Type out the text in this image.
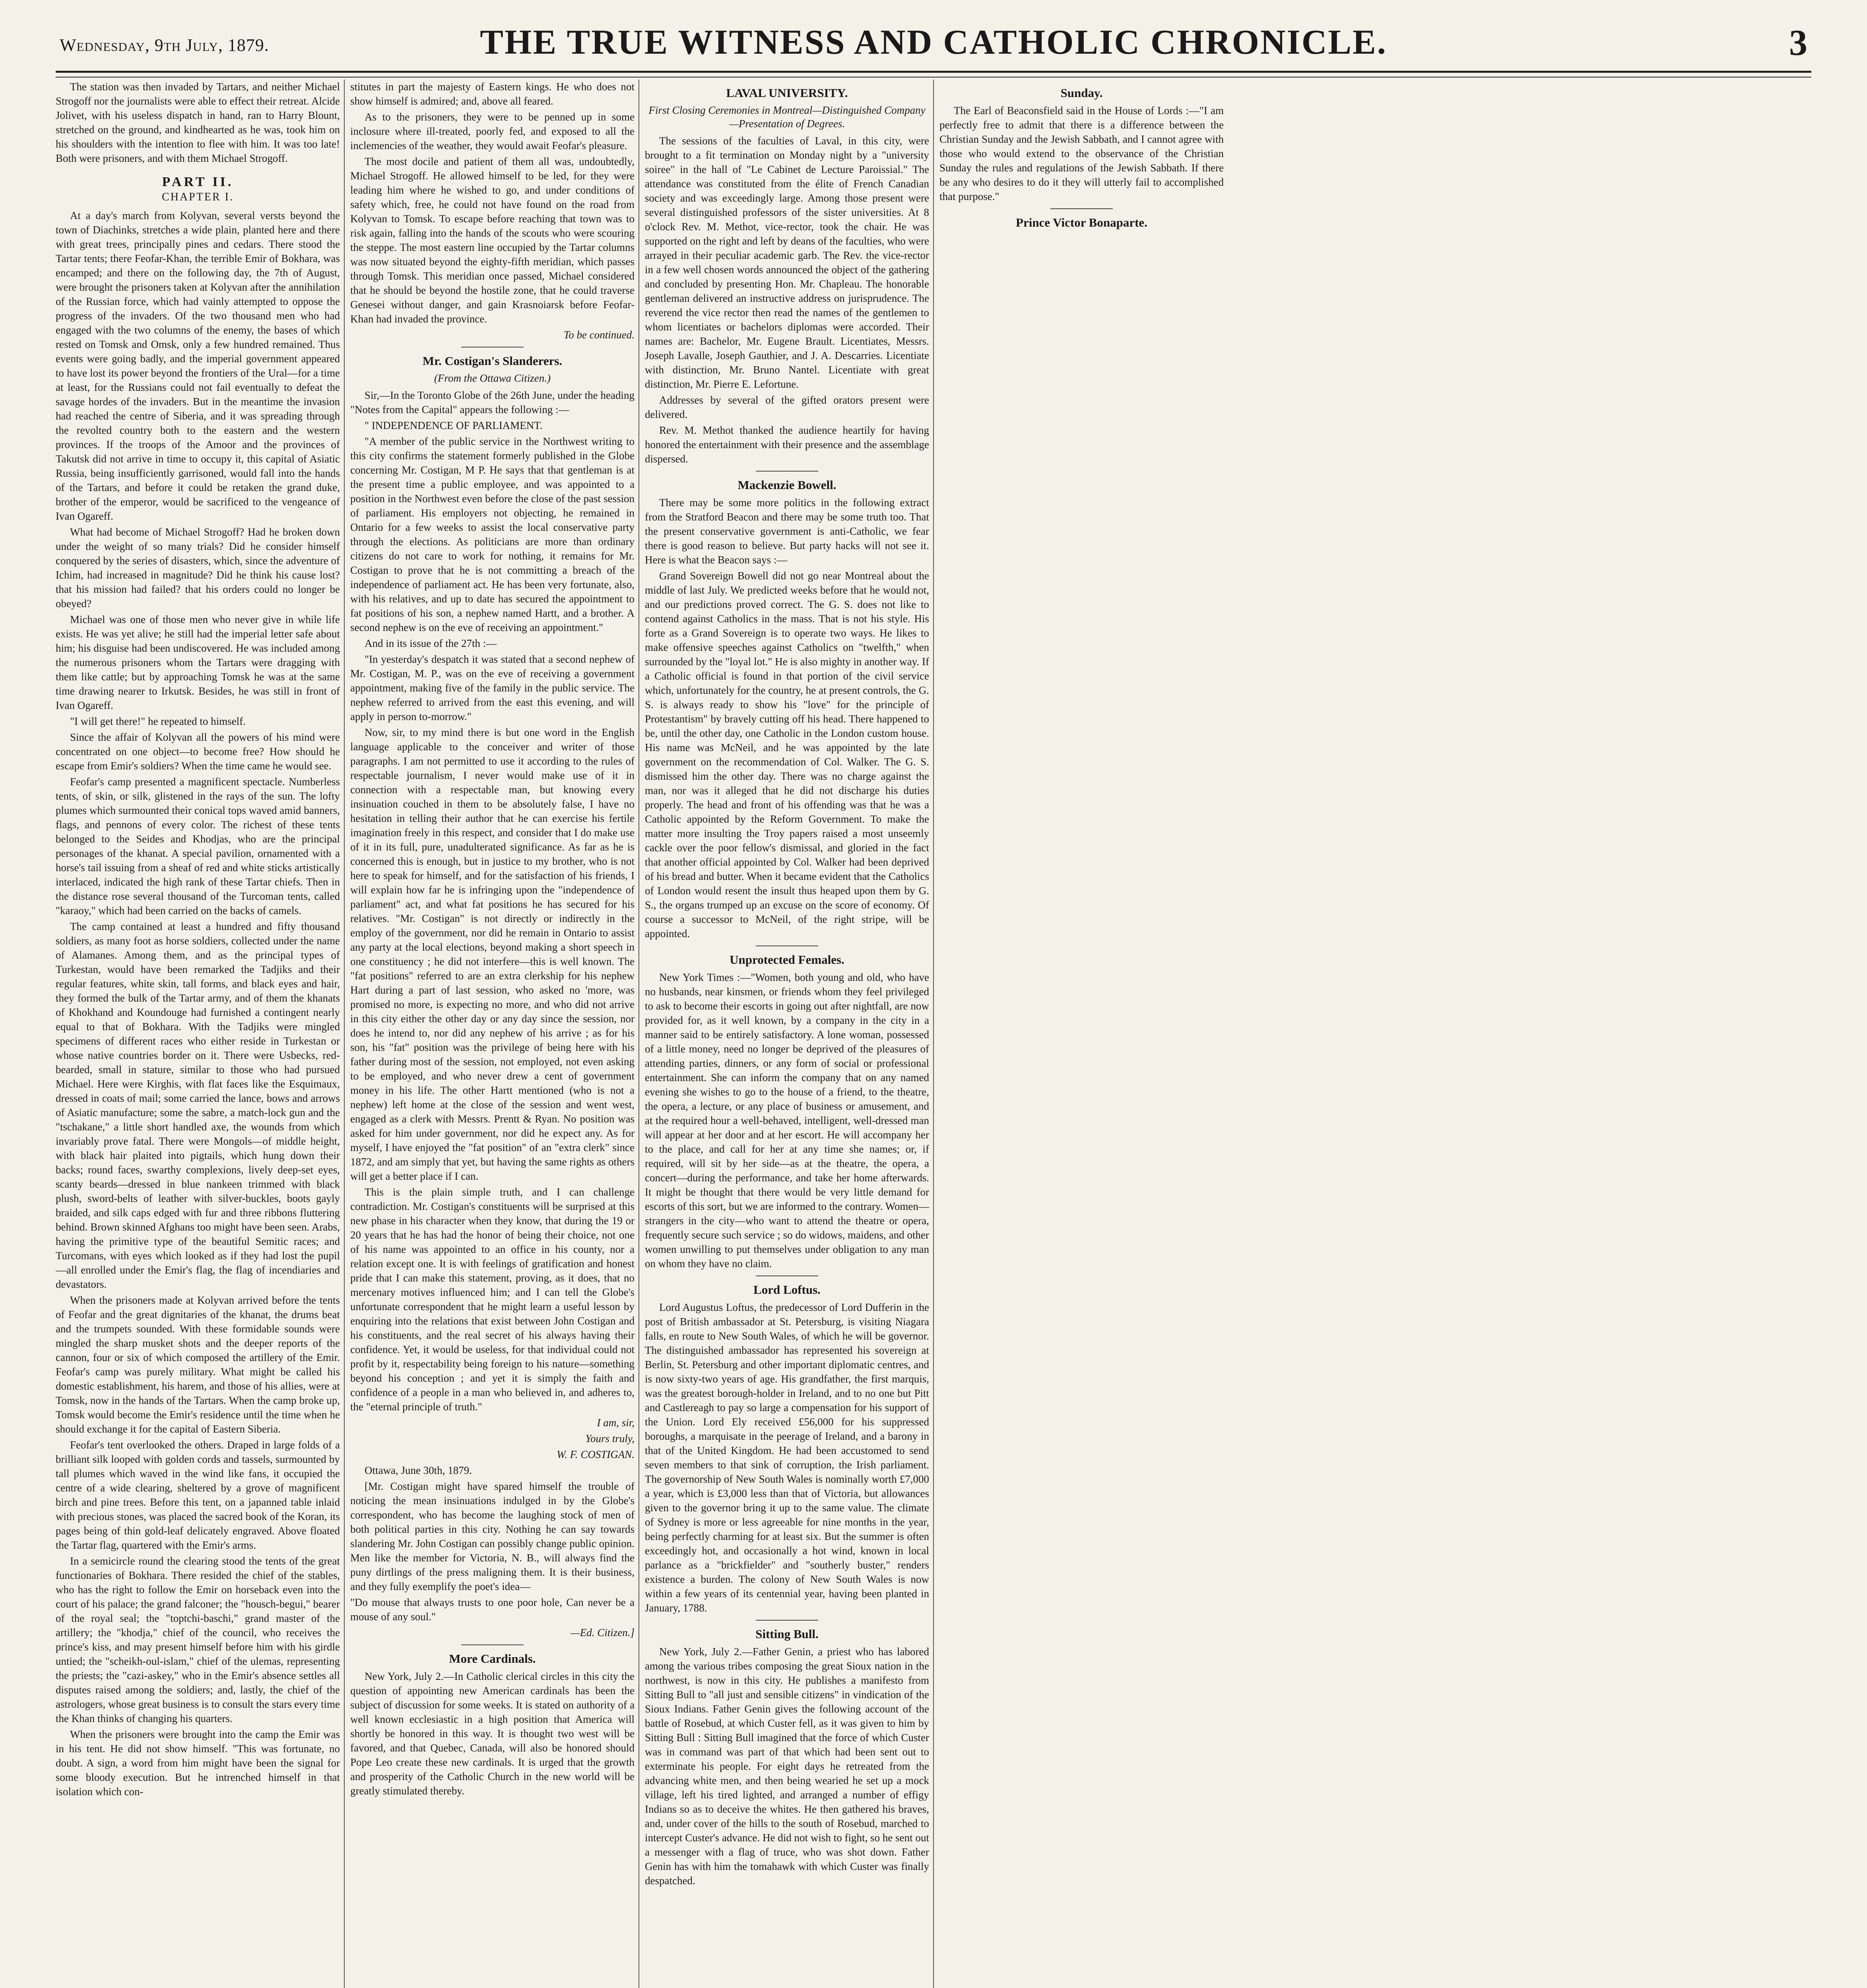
Wednesday, 9th July, 1879.	THE TRUE WITNESS AND CATHOLIC CHRONICLE.	3

The station was then invaded by Tartars, and neither Michael Strogoff nor the journalists were able to effect their retreat. Alcide Jolivet, with his useless dispatch in hand, ran to Harry Blount, stretched on the ground, and kindhearted as he was, took him on his shoulders with the intention to flee with him. It was too late! Both were prisoners, and with them Michael Strogoff.

PART II.
CHAPTER I.

At a day's march from Kolyvan, several versts beyond the town of Diachinks, stretches a wide plain, planted here and there with great trees, principally pines and cedars. There stood the Tartar tents; there Feofar-Khan, the terrible Emir of Bokhara, was encamped; and there on the following day, the 7th of August, were brought the prisoners taken at Kolyvan after the annihilation of the Russian force, which had vainly attempted to oppose the progress of the invaders. Of the two thousand men who had engaged with the two columns of the enemy, the bases of which rested on Tomsk and Omsk, only a few hundred remained. Thus events were going badly, and the imperial government appeared to have lost its power beyond the frontiers of the Ural—for a time at least, for the Russians could not fail eventually to defeat the savage hordes of the invaders. But in the meantime the invasion had reached the centre of Siberia, and it was spreading through the revolted country both to the eastern and the western provinces. If the troops of the Amoor and the provinces of Takutsk did not arrive in time to occupy it, this capital of Asiatic Russia, being insufficiently garrisoned, would fall into the hands of the Tartars, and before it could be retaken the grand duke, brother of the emperor, would be sacrificed to the vengeance of Ivan Ogareff.

What had become of Michael Strogoff? Had he broken down under the weight of so many trials? Did he consider himself conquered by the series of disasters, which, since the adventure of Ichim, had increased in magnitude? Did he think his cause lost? that his mission had failed? that his orders could no longer be obeyed?

Michael was one of those men who never give in while life exists. He was yet alive; he still had the imperial letter safe about him; his disguise had been undiscovered. He was included among the numerous prisoners whom the Tartars were dragging with them like cattle; but by approaching Tomsk he was at the same time drawing nearer to Irkutsk. Besides, he was still in front of Ivan Ogareff.

"I will get there!" he repeated to himself.

Since the affair of Kolyvan all the powers of his mind were concentrated on one object—to become free? How should he escape from Emir's soldiers? When the time came he would see.

Feofar's camp presented a magnificent spectacle. Numberless tents, of skin, or silk, glistened in the rays of the sun. The lofty plumes which surmounted their conical tops waved amid banners, flags, and pennons of every color. The richest of these tents belonged to the Seides and Khodjas, who are the principal personages of the khanat. A special pavilion, ornamented with a horse's tail issuing from a sheaf of red and white sticks artistically interlaced, indicated the high rank of these Tartar chiefs. Then in the distance rose several thousand of the Turcoman tents, called "karaoy," which had been carried on the backs of camels.

The camp contained at least a hundred and fifty thousand soldiers, as many foot as horse soldiers, collected under the name of Alamanes. Among them, and as the principal types of Turkestan, would have been remarked the Tadjiks and their regular features, white skin, tall forms, and black eyes and hair, they formed the bulk of the Tartar army, and of them the khanats of Khokhand and Koundouge had furnished a contingent nearly equal to that of Bokhara. With the Tadjiks were mingled specimens of different races who either reside in Turkestan or whose native countries border on it. There were Usbecks, red-bearded, small in stature, similar to those who had pursued Michael. Here were Kirghis, with flat faces like the Esquimaux, dressed in coats of mail; some carried the lance, bows and arrows of Asiatic manufacture; some the sabre, a match-lock gun and the "tschakane," a little short handled axe, the wounds from which invariably prove fatal. There were Mongols—of middle height, with black hair plaited into pigtails, which hung down their backs; round faces, swarthy complexions, lively deep-set eyes, scanty beards—dressed in blue nankeen trimmed with black plush, sword-belts of leather with silver-buckles, boots gayly braided, and silk caps edged with fur and three ribbons fluttering behind. Brown skinned Afghans too might have been seen. Arabs, having the primitive type of the beautiful Semitic races; and Turcomans, with eyes which looked as if they had lost the pupil—all enrolled under the Emir's flag, the flag of incendiaries and devastators.

When the prisoners made at Kolyvan arrived before the tents of Feofar and the great dignitaries of the khanat, the drums beat and the trumpets sounded. With these formidable sounds were mingled the sharp musket shots and the deeper reports of the cannon, four or six of which composed the artillery of the Emir. Feofar's camp was purely military. What might be called his domestic establishment, his harem, and those of his allies, were at Tomsk, now in the hands of the Tartars. When the camp broke up, Tomsk would become the Emir's residence until the time when he should exchange it for the capital of Eastern Siberia.

Feofar's tent overlooked the others. Draped in large folds of a brilliant silk looped with golden cords and tassels, surmounted by tall plumes which waved in the wind like fans, it occupied the centre of a wide clearing, sheltered by a grove of magnificent birch and pine trees. Before this tent, on a japanned table inlaid with precious stones, was placed the sacred book of the Koran, its pages being of thin gold-leaf delicately engraved. Above floated the Tartar flag, quartered with the Emir's arms.

In a semicircle round the clearing stood the tents of the great functionaries of Bokhara. There resided the chief of the stables, who has the right to follow the Emir on horseback even into the court of his palace; the grand falconer; the "housch-begui," bearer of the royal seal; the "toptchi-baschi," grand master of the artillery; the "khodja," chief of the council, who receives the prince's kiss, and may present himself before him with his girdle untied; the "scheikh-oul-islam," chief of the ulemas, representing the priests; the "cazi-askey," who in the Emir's absence settles all disputes raised among the soldiers; and, lastly, the chief of the astrologers, whose great business is to consult the stars every time the Khan thinks of changing his quarters.

When the prisoners were brought into the camp the Emir was in his tent. He did not show himself. "This was fortunate, no doubt. A sign, a word from him might have been the signal for some bloody execution. But he intrenched himself in that isolation which con-

stitutes in part the majesty of Eastern kings. He who does not show himself is admired; and, above all feared.

As to the prisoners, they were to be penned up in some inclosure where ill-treated, poorly fed, and exposed to all the inclemencies of the weather, they would await Feofar's pleasure.

The most docile and patient of them all was, undoubtedly, Michael Strogoff. He allowed himself to be led, for they were leading him where he wished to go, and under conditions of safety which, free, he could not have found on the road from Kolyvan to Tomsk. To escape before reaching that town was to risk again, falling into the hands of the scouts who were scouring the steppe. The most eastern line occupied by the Tartar columns was now situated beyond the eighty-fifth meridian, which passes through Tomsk. This meridian once passed, Michael considered that he should be beyond the hostile zone, that he could traverse Genesei without danger, and gain Krasnoiarsk before Feofar-Khan had invaded the province.

To be continued.

Mr. Costigan's Slanderers.
(From the Ottawa Citizen.)

Sir,—In the Toronto Globe of the 26th June, under the heading "Notes from the Capital" appears the following :—

" INDEPENDENCE OF PARLIAMENT.

"A member of the public service in the Northwest writing to this city confirms the statement formerly published in the Globe concerning Mr. Costigan, M P. He says that that gentleman is at the present time a public employee, and was appointed to a position in the Northwest even before the close of the past session of parliament. His employers not objecting, he remained in Ontario for a few weeks to assist the local conservative party through the elections. As politicians are more than ordinary citizens do not care to work for nothing, it remains for Mr. Costigan to prove that he is not committing a breach of the independence of parliament act. He has been very fortunate, also, with his relatives, and up to date has secured the appointment to fat positions of his son, a nephew named Hartt, and a brother. A second nephew is on the eve of receiving an appointment."

And in its issue of the 27th :—

"In yesterday's despatch it was stated that a second nephew of Mr. Costigan, M. P., was on the eve of receiving a government appointment, making five of the family in the public service. The nephew referred to arrived from the east this evening, and will apply in person to-morrow."

Now, sir, to my mind there is but one word in the English language applicable to the conceiver and writer of those paragraphs. I am not permitted to use it according to the rules of respectable journalism, I never would make use of it in connection with a respectable man, but knowing every insinuation couched in them to be absolutely false, I have no hesitation in telling their author that he can exercise his fertile imagination freely in this respect, and consider that I do make use of it in its full, pure, unadulterated significance. As far as he is concerned this is enough, but in justice to my brother, who is not here to speak for himself, and for the satisfaction of his friends, I will explain how far he is infringing upon the "independence of parliament" act, and what fat positions he has secured for his relatives. "Mr. Costigan" is not directly or indirectly in the employ of the government, nor did he remain in Ontario to assist any party at the local elections, beyond making a short speech in one constituency ; he did not interfere—this is well known. The "fat positions" referred to are an extra clerkship for his nephew Hart during a part of last session, who asked no 'more, was promised no more, is expecting no more, and who did not arrive in this city either the other day or any day since the session, nor does he intend to, nor did any nephew of his arrive ; as for his son, his "fat" position was the privilege of being here with his father during most of the session, not employed, not even asking to be employed, and who never drew a cent of government money in his life. The other Hartt mentioned (who is not a nephew) left home at the close of the session and went west, engaged as a clerk with Messrs. Prentt & Ryan. No position was asked for him under government, nor did he expect any. As for myself, I have enjoyed the "fat position" of an "extra clerk" since 1872, and am simply that yet, but having the same rights as others will get a better place if I can.

This is the plain simple truth, and I can challenge contradiction. Mr. Costigan's constituents will be surprised at this new phase in his character when they know, that during the 19 or 20 years that he has had the honor of being their choice, not one of his name was appointed to an office in his county, nor a relation except one. It is with feelings of gratification and honest pride that I can make this statement, proving, as it does, that no mercenary motives influenced him; and I can tell the Globe's unfortunate correspondent that he might learn a useful lesson by enquiring into the relations that exist between John Costigan and his constituents, and the real secret of his always having their confidence. Yet, it would be useless, for that individual could not profit by it, respectability being foreign to his nature—something beyond his conception ; and yet it is simply the faith and confidence of a people in a man who believed in, and adheres to, the "eternal principle of truth."

I am, sir,

Yours truly,

W. F. COSTIGAN.

Ottawa, June 30th, 1879.

[Mr. Costigan might have spared himself the trouble of noticing the mean insinuations indulged in by the Globe's correspondent, who has become the laughing stock of men of both political parties in this city. Nothing he can say towards slandering Mr. John Costigan can possibly change public opinion. Men like the member for Victoria, N. B., will always find the puny dirtlings of the press maligning them. It is their business, and they fully exemplify the poet's idea—

"Do mouse that always trusts to one poor hole, Can never be a mouse of any soul."

—Ed. Citizen.]

More Cardinals.

New York, July 2.—In Catholic clerical circles in this city the question of appointing new American cardinals has been the subject of discussion for some weeks. It is stated on authority of a well known ecclesiastic in a high position that America will shortly be honored in this way. It is thought two west will be favored, and that Quebec, Canada, will also be honored should Pope Leo create these new cardinals. It is urged that the growth and prosperity of the Catholic Church in the new world will be greatly stimulated thereby.

LAVAL UNIVERSITY.
First Closing Ceremonies in Montreal—Distinguished Company—Presentation of Degrees.

The sessions of the faculties of Laval, in this city, were brought to a fit termination on Monday night by a "university soiree" in the hall of "Le Cabinet de Lecture Paroissial." The attendance was constituted from the élite of French Canadian society and was exceedingly large. Among those present were several distinguished professors of the sister universities. At 8 o'clock Rev. M. Methot, vice-rector, took the chair. He was supported on the right and left by deans of the faculties, who were arrayed in their peculiar academic garb. The Rev. the vice-rector in a few well chosen words announced the object of the gathering and concluded by presenting Hon. Mr. Chapleau. The honorable gentleman delivered an instructive address on jurisprudence. The reverend the vice rector then read the names of the gentlemen to whom licentiates or bachelors diplomas were accorded. Their names are: Bachelor, Mr. Eugene Brault. Licentiates, Messrs. Joseph Lavalle, Joseph Gauthier, and J. A. Descarries. Licentiate with distinction, Mr. Bruno Nantel. Licentiate with great distinction, Mr. Pierre E. Lefortune.

Addresses by several of the gifted orators present were delivered.

Rev. M. Methot thanked the audience heartily for having honored the entertainment with their presence and the assemblage dispersed.

Mackenzie Bowell.

There may be some more politics in the following extract from the Stratford Beacon and there may be some truth too. That the present conservative government is anti-Catholic, we fear there is good reason to believe. But party hacks will not see it. Here is what the Beacon says :—

Grand Sovereign Bowell did not go near Montreal about the middle of last July. We predicted weeks before that he would not, and our predictions proved correct. The G. S. does not like to contend against Catholics in the mass. That is not his style. His forte as a Grand Sovereign is to operate two ways. He likes to make offensive speeches against Catholics on "twelfth," when surrounded by the "loyal lot." He is also mighty in another way. If a Catholic official is found in that portion of the civil service which, unfortunately for the country, he at present controls, the G. S. is always ready to show his "love" for the principle of Protestantism" by bravely cutting off his head. There happened to be, until the other day, one Catholic in the London custom house. His name was McNeil, and he was appointed by the late government on the recommendation of Col. Walker. The G. S. dismissed him the other day. There was no charge against the man, nor was it alleged that he did not discharge his duties properly. The head and front of his offending was that he was a Catholic appointed by the Reform Government. To make the matter more insulting the Troy papers raised a most unseemly cackle over the poor fellow's dismissal, and gloried in the fact that another official appointed by Col. Walker had been deprived of his bread and butter. When it became evident that the Catholics of London would resent the insult thus heaped upon them by G. S., the organs trumped up an excuse on the score of economy. Of course a successor to McNeil, of the right stripe, will be appointed.

Unprotected Females.

New York Times :—"Women, both young and old, who have no husbands, near kinsmen, or friends whom they feel privileged to ask to become their escorts in going out after nightfall, are now provided for, as it well known, by a company in the city in a manner said to be entirely satisfactory. A lone woman, possessed of a little money, need no longer be deprived of the pleasures of attending parties, dinners, or any form of social or professional entertainment. She can inform the company that on any named evening she wishes to go to the house of a friend, to the theatre, the opera, a lecture, or any place of business or amusement, and at the required hour a well-behaved, intelligent, well-dressed man will appear at her door and at her escort. He will accompany her to the place, and call for her at any time she names; or, if required, will sit by her side—as at the theatre, the opera, a concert—during the performance, and take her home afterwards. It might be thought that there would be very little demand for escorts of this sort, but we are informed to the contrary. Women—strangers in the city—who want to attend the theatre or opera, frequently secure such service ; so do widows, maidens, and other women unwilling to put themselves under obligation to any man on whom they have no claim.

Lord Loftus.

Lord Augustus Loftus, the predecessor of Lord Dufferin in the post of British ambassador at St. Petersburg, is visiting Niagara falls, en route to New South Wales, of which he will be governor. The distinguished ambassador has represented his sovereign at Berlin, St. Petersburg and other important diplomatic centres, and is now sixty-two years of age. His grandfather, the first marquis, was the greatest borough-holder in Ireland, and to no one but Pitt and Castlereagh to pay so large a compensation for his support of the Union. Lord Ely received £56,000 for his suppressed boroughs, a marquisate in the peerage of Ireland, and a barony in that of the United Kingdom. He had been accustomed to send seven members to that sink of corruption, the Irish parliament. The governorship of New South Wales is nominally worth £7,000 a year, which is £3,000 less than that of Victoria, but allowances given to the governor bring it up to the same value. The climate of Sydney is more or less agreeable for nine months in the year, being perfectly charming for at least six. But the summer is often exceedingly hot, and occasionally a hot wind, known in local parlance as a "brickfielder" and "southerly buster," renders existence a burden. The colony of New South Wales is now within a few years of its centennial year, having been planted in January, 1788.

Sitting Bull.

New York, July 2.—Father Genin, a priest who has labored among the various tribes composing the great Sioux nation in the northwest, is now in this city. He publishes a manifesto from Sitting Bull to "all just and sensible citizens" in vindication of the Sioux Indians. Father Genin gives the following account of the battle of Rosebud, at which Custer fell, as it was given to him by Sitting Bull : Sitting Bull imagined that the force of which Custer was in command was part of that which had been sent out to exterminate his people. For eight days he retreated from the advancing white men, and then being wearied he set up a mock village, left his tired lighted, and arranged a number of effigy Indians so as to deceive the whites. He then gathered his braves, and, under cover of the hills to the south of Rosebud, marched to intercept Custer's advance. He did not wish to fight, so he sent out a messenger with a flag of truce, who was shot down. Father Genin has with him the tomahawk with which Custer was finally despatched.

Sunday.

The Earl of Beaconsfield said in the House of Lords :—"I am perfectly free to admit that there is a difference between the Christian Sunday and the Jewish Sabbath, and I cannot agree with those who would extend to the observance of the Christian Sunday the rules and regulations of the Jewish Sabbath. If there be any who desires to do it they will utterly fail to accomplished that purpose."

Prince Victor Bonaparte.
